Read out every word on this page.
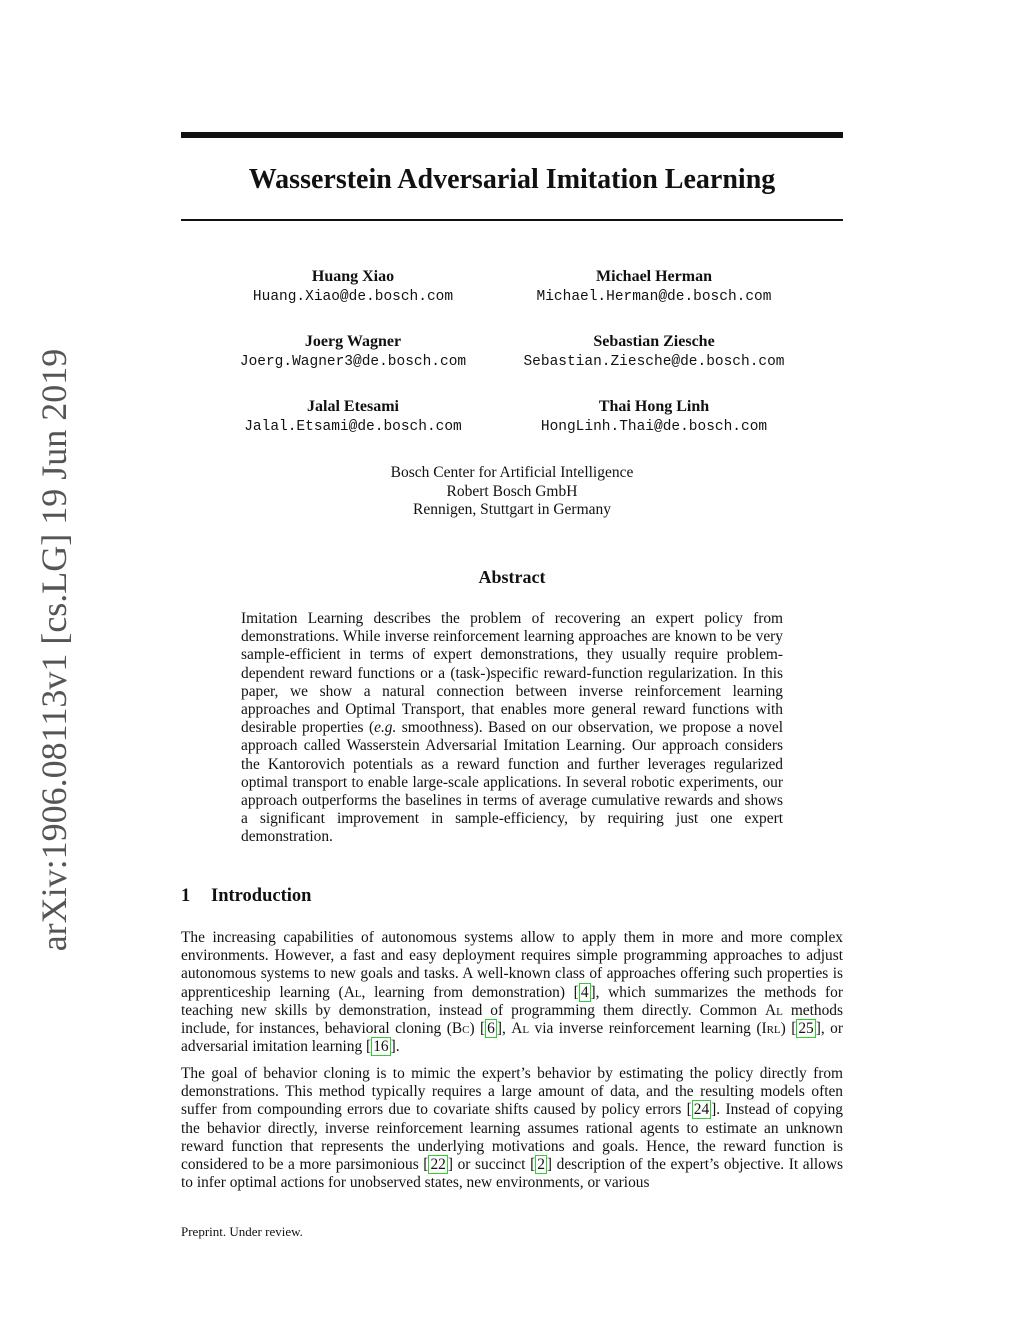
arXiv:1906.08113v1 [cs.LG] 19 Jun 2019
Wasserstein Adversarial Imitation Learning
Huang Xiao
Huang.Xiao@de.bosch.com
Michael Herman
Michael.Herman@de.bosch.com
Joerg Wagner
Joerg.Wagner3@de.bosch.com
Sebastian Ziesche
Sebastian.Ziesche@de.bosch.com
Jalal Etesami
Jalal.Etsami@de.bosch.com
Thai Hong Linh
HongLinh.Thai@de.bosch.com
Bosch Center for Artificial Intelligence
Robert Bosch GmbH
Rennigen, Stuttgart in Germany
Abstract
Imitation Learning describes the problem of recovering an expert policy from demonstrations. While inverse reinforcement learning approaches are known to be very sample-efficient in terms of expert demonstrations, they usually require problem-dependent reward functions or a (task-)specific reward-function regularization. In this paper, we show a natural connection between inverse reinforcement learning approaches and Optimal Transport, that enables more general reward functions with desirable properties (e.g. smoothness). Based on our observation, we propose a novel approach called Wasserstein Adversarial Imitation Learning. Our approach considers the Kantorovich potentials as a reward function and further leverages regularized optimal transport to enable large-scale applications. In several robotic experiments, our approach outperforms the baselines in terms of average cumulative rewards and shows a significant improvement in sample-efficiency, by requiring just one expert demonstration.
1 Introduction
The increasing capabilities of autonomous systems allow to apply them in more and more complex environments. However, a fast and easy deployment requires simple programming approaches to adjust autonomous systems to new goals and tasks. A well-known class of approaches offering such properties is apprenticeship learning (Al, learning from demonstration) [ 4 ], which summarizes the methods for teaching new skills by demonstration, instead of programming them directly. Common Al methods include, for instances, behavioral cloning (Bc) [ 6 ], Al via inverse reinforcement learning (Irl) [ 25 ], or adversarial imitation learning [ 16 ].
The goal of behavior cloning is to mimic the expert’s behavior by estimating the policy directly from demonstrations. This method typically requires a large amount of data, and the resulting models often suffer from compounding errors due to covariate shifts caused by policy errors [ 24 ]. Instead of copying the behavior directly, inverse reinforcement learning assumes rational agents to estimate an unknown reward function that represents the underlying motivations and goals. Hence, the reward function is considered to be a more parsimonious [ 22 ] or succinct [ 2 ] description of the expert’s objective. It allows to infer optimal actions for unobserved states, new environments, or various
Preprint. Under review.
